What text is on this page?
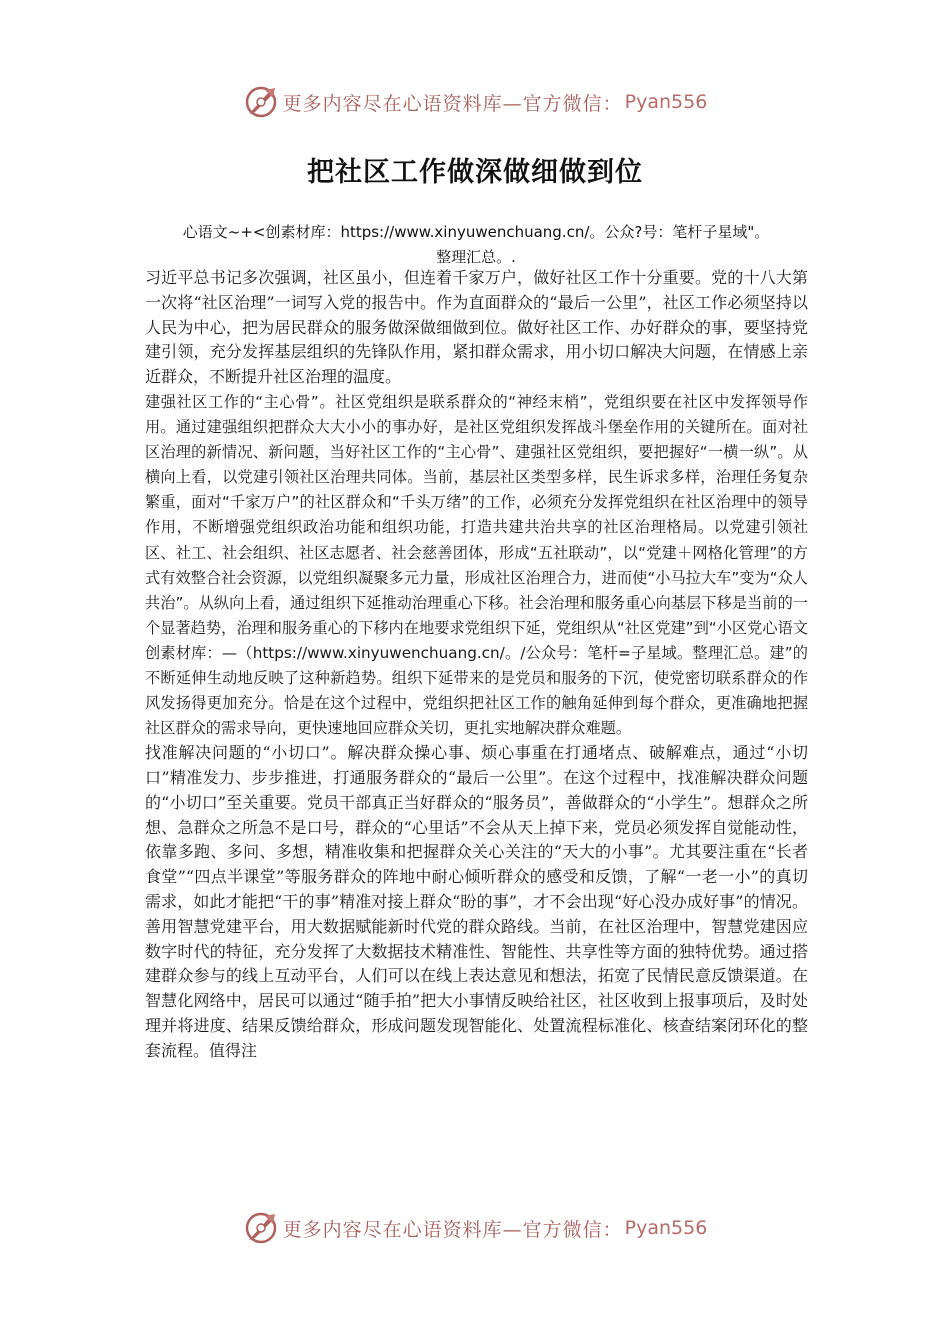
更多内容尽在心语资料库—官方微信： Pyan556
把社区工作做深做细做到位
心语文~+<创素材库：https://www.xinyuwenchuang.cn/。公众?号：笔杆子星域"。
整理汇总。.

习近平总书记多次强调，社区虽小，但连着千家万户，做好社区工作十分重要。党的十八大第一次将“社区治理”一词写入党的报告中。作为直面群众的“最后一公里”，社区工作必须坚持以人民为中心，把为居民群众的服务做深做细做到位。做好社区工作、办好群众的事，要坚持党建引领，充分发挥基层组织的先锋队作用，紧扣群众需求，用小切口解决大问题，在情感上亲近群众，不断提升社区治理的温度。

建强社区工作的“主心骨”。社区党组织是联系群众的“神经末梢”，党组织要在社区中发挥领导作用。通过建强组织把群众大大小小的事办好，是社区党组织发挥战斗堡垒作用的关键所在。面对社区治理的新情况、新问题，当好社区工作的“主心骨”、建强社区党组织，要把握好“一横一纵”。从横向上看，以党建引领社区治理共同体。当前，基层社区类型多样，民生诉求多样，治理任务复杂繁重，面对“千家万户”的社区群众和“千头万绪”的工作，必须充分发挥党组织在社区治理中的领导作用，不断增强党组织政治功能和组织功能，打造共建共治共享的社区治理格局。以党建引领社区、社工、社会组织、社区志愿者、社会慈善团体，形成“五社联动”，以“党建＋网格化管理”的方式有效整合社会资源，以党组织凝聚多元力量，形成社区治理合力，进而使“小马拉大车”变为“众人共治”。从纵向上看，通过组织下延推动治理重心下移。社会治理和服务重心向基层下移是当前的一个显著趋势，治理和服务重心的下移内在地要求党组织下延，党组织从“社区党建”到“小区党心语文创素材库：—（https://www.xinyuwenchuang.cn/。/公众号：笔杆=子星域。整理汇总。建”的不断延伸生动地反映了这种新趋势。组织下延带来的是党员和服务的下沉，使党密切联系群众的作风发扬得更加充分。恰是在这个过程中，党组织把社区工作的触角延伸到每个群众，更准确地把握社区群众的需求导向，更快速地回应群众关切，更扎实地解决群众难题。

找准解决问题的“小切口”。解决群众操心事、烦心事重在打通堵点、破解难点，通过“小切口”精准发力、步步推进，打通服务群众的“最后一公里”。在这个过程中，找准解决群众问题的“小切口”至关重要。党员干部真正当好群众的“服务员”，善做群众的“小学生”。想群众之所想、急群众之所急不是口号，群众的“心里话”不会从天上掉下来，党员必须发挥自觉能动性，依靠多跑、多问、多想，精准收集和把握群众关心关注的“天大的小事”。尤其要注重在“长者食堂”“四点半课堂”等服务群众的阵地中耐心倾听群众的感受和反馈，了解“一老一小”的真切需求，如此才能把“干的事”精准对接上群众“盼的事”，才不会出现“好心没办成好事”的情况。善用智慧党建平台，用大数据赋能新时代党的群众路线。当前，在社区治理中，智慧党建因应数字时代的特征，充分发挥了大数据技术精准性、智能性、共享性等方面的独特优势。通过搭建群众参与的线上互动平台，人们可以在线上表达意见和想法，拓宽了民情民意反馈渠道。在智慧化网络中，居民可以通过“随手拍”把大小事情反映给社区，社区收到上报事项后，及时处理并将进度、结果反馈给群众，形成问题发现智能化、处置流程标准化、核查结案闭环化的整套流程。值得注

更多内容尽在心语资料库—官方微信： Pyan556
